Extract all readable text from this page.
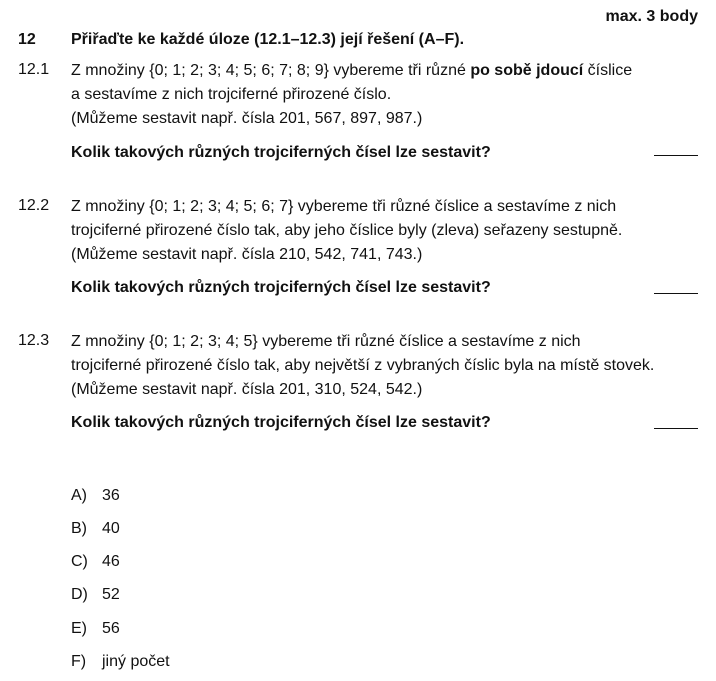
max. 3 body
12 Přiřaďte ke každé úloze (12.1–12.3) její řešení (A–F).
12.1 Z množiny {0; 1; 2; 3; 4; 5; 6; 7; 8; 9} vybereme tři různé po sobě jdoucí číslice
a sestavíme z nich trojciferné přirozené číslo.
(Můžeme sestavit např. čísla 201, 567, 897, 987.)
Kolik takových různých trojciferných čísel lze sestavit?
12.2 Z množiny {0; 1; 2; 3; 4; 5; 6; 7} vybereme tři různé číslice a sestavíme z nich
trojciferné přirozené číslo tak, aby jeho číslice byly (zleva) seřazeny sestupně.
(Můžeme sestavit např. čísla 210, 542, 741, 743.)
Kolik takových různých trojciferných čísel lze sestavit?
12.3 Z množiny {0; 1; 2; 3; 4; 5} vybereme tři různé číslice a sestavíme z nich
trojciferné přirozené číslo tak, aby největší z vybraných číslic byla na místě stovek.
(Můžeme sestavit např. čísla 201, 310, 524, 542.)
Kolik takových různých trojciferných čísel lze sestavit?
A) 36
B) 40
C) 46
D) 52
E) 56
F) jiný počet
